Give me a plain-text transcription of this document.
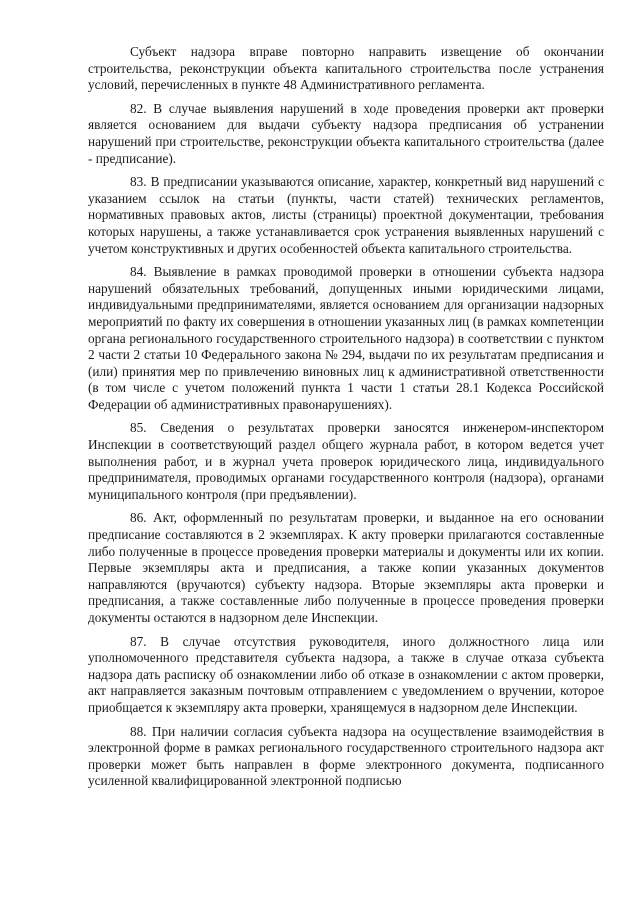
Субъект надзора вправе повторно направить извещение об окончании строительства, реконструкции объекта капитального строительства после устранения условий, перечисленных в пункте 48 Административного регламента.

82. В случае выявления нарушений в ходе проведения проверки акт проверки является основанием для выдачи субъекту надзора предписания об устранении нарушений при строительстве, реконструкции объекта капитального строительства (далее - предписание).

83. В предписании указываются описание, характер, конкретный вид нарушений с указанием ссылок на статьи (пункты, части статей) технических регламентов, нормативных правовых актов, листы (страницы) проектной документации, требования которых нарушены, а также устанавливается срок устранения выявленных нарушений с учетом конструктивных и других особенностей объекта капитального строительства.

84. Выявление в рамках проводимой проверки в отношении субъекта надзора нарушений обязательных требований, допущенных иными юридическими лицами, индивидуальными предпринимателями, является основанием для организации надзорных мероприятий по факту их совершения в отношении указанных лиц (в рамках компетенции органа регионального государственного строительного надзора) в соответствии с пунктом 2 части 2 статьи 10 Федерального закона № 294, выдачи по их результатам предписания и (или) принятия мер по привлечению виновных лиц к административной ответственности (в том числе с учетом положений пункта 1 части 1 статьи 28.1 Кодекса Российской Федерации об административных правонарушениях).

85. Сведения о результатах проверки заносятся инженером-инспектором Инспекции в соответствующий раздел общего журнала работ, в котором ведется учет выполнения работ, и в журнал учета проверок юридического лица, индивидуального предпринимателя, проводимых органами государственного контроля (надзора), органами муниципального контроля (при предъявлении).

86. Акт, оформленный по результатам проверки, и выданное на его основании предписание составляются в 2 экземплярах. К акту проверки прилагаются составленные либо полученные в процессе проведения проверки материалы и документы или их копии. Первые экземпляры акта и предписания, а также копии указанных документов направляются (вручаются) субъекту надзора. Вторые экземпляры акта проверки и предписания, а также составленные либо полученные в процессе проведения проверки документы остаются в надзорном деле Инспекции.

87. В случае отсутствия руководителя, иного должностного лица или уполномоченного представителя субъекта надзора, а также в случае отказа субъекта надзора дать расписку об ознакомлении либо об отказе в ознакомлении с актом проверки, акт направляется заказным почтовым отправлением с уведомлением о вручении, которое приобщается к экземпляру акта проверки, хранящемуся в надзорном деле Инспекции.

88. При наличии согласия субъекта надзора на осуществление взаимодействия в электронной форме в рамках регионального государственного строительного надзора акт проверки может быть направлен в форме электронного документа, подписанного усиленной квалифицированной электронной подписью
